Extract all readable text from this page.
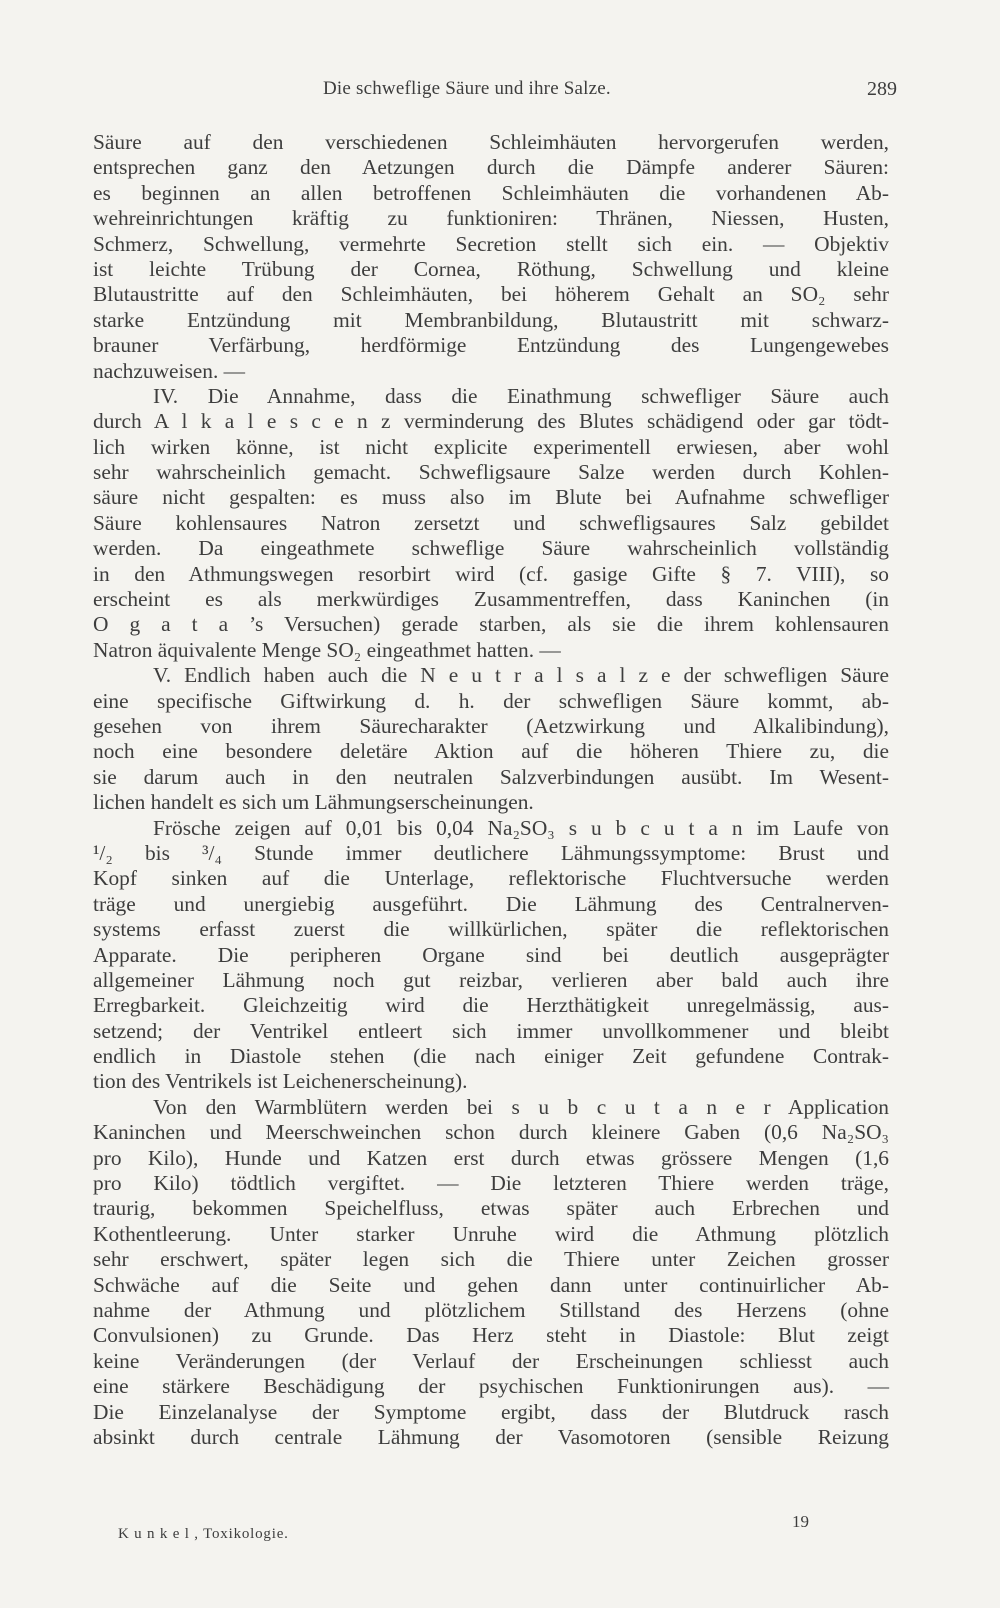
Die schweflige Säure und ihre Salze.	289
Säure auf den verschiedenen Schleimhäuten hervorgerufen werden,
entsprechen ganz den Aetzungen durch die Dämpfe anderer Säuren:
es beginnen an allen betroffenen Schleimhäuten die vorhandenen Ab-
wehreinrichtungen kräftig zu funktioniren: Thränen, Niessen, Husten,
Schmerz, Schwellung, vermehrte Secretion stellt sich ein. — Objektiv
ist leichte Trübung der Cornea, Röthung, Schwellung und kleine
Blutaustritte auf den Schleimhäuten, bei höherem Gehalt an SO₂ sehr
starke Entzündung mit Membranbildung, Blutaustritt mit schwarz-
brauner Verfärbung, herdförmige Entzündung des Lungengewebes
nachzuweisen. —
IV. Die Annahme, dass die Einathmung schwefliger Säure auch
durch A l k a l e s c e n z verminderung des Blutes schädigend oder gar tödt-
lich wirken könne, ist nicht explicite experimentell erwiesen, aber wohl
sehr wahrscheinlich gemacht. Schwefligsaure Salze werden durch Kohlen-
säure nicht gespalten: es muss also im Blute bei Aufnahme schwefliger
Säure kohlensaures Natron zersetzt und schwefligsaures Salz gebildet
werden. Da eingeathmete schweflige Säure wahrscheinlich vollständig
in den Athmungswegen resorbirt wird (cf. gasige Gifte § 7. VIII), so
erscheint es als merkwürdiges Zusammentreffen, dass Kaninchen (in
O g a t a ’s Versuchen) gerade starben, als sie die ihrem kohlensauren
Natron äquivalente Menge SO₂ eingeathmet hatten. —
V. Endlich haben auch die N e u t r a l s a l z e der schwefligen Säure
eine specifische Giftwirkung d. h. der schwefligen Säure kommt, ab-
gesehen von ihrem Säurecharakter (Aetzwirkung und Alkalibindung),
noch eine besondere deletäre Aktion auf die höheren Thiere zu, die
sie darum auch in den neutralen Salzverbindungen ausübt. Im Wesent-
lichen handelt es sich um Lähmungserscheinungen.
Frösche zeigen auf 0,01 bis 0,04 Na₂SO₃ s u b c u t a n im Laufe von
¹/₂ bis ³/₄ Stunde immer deutlichere Lähmungssymptome: Brust und
Kopf sinken auf die Unterlage, reflektorische Fluchtversuche werden
träge und unergiebig ausgeführt. Die Lähmung des Centralnerven-
systems erfasst zuerst die willkürlichen, später die reflektorischen
Apparate. Die peripheren Organe sind bei deutlich ausgeprägter
allgemeiner Lähmung noch gut reizbar, verlieren aber bald auch ihre
Erregbarkeit. Gleichzeitig wird die Herzthätigkeit unregelmässig, aus-
setzend; der Ventrikel entleert sich immer unvollkommener und bleibt
endlich in Diastole stehen (die nach einiger Zeit gefundene Contrak-
tion des Ventrikels ist Leichenerscheinung).
Von den Warmblütern werden bei s u b c u t a n e r Application
Kaninchen und Meerschweinchen schon durch kleinere Gaben (0,6 Na₂SO₃
pro Kilo), Hunde und Katzen erst durch etwas grössere Mengen (1,6
pro Kilo) tödtlich vergiftet. — Die letzteren Thiere werden träge,
traurig, bekommen Speichelfluss, etwas später auch Erbrechen und
Kothentleerung. Unter starker Unruhe wird die Athmung plötzlich
sehr erschwert, später legen sich die Thiere unter Zeichen grosser
Schwäche auf die Seite und gehen dann unter continuirlicher Ab-
nahme der Athmung und plötzlichem Stillstand des Herzens (ohne
Convulsionen) zu Grunde. Das Herz steht in Diastole: Blut zeigt
keine Veränderungen (der Verlauf der Erscheinungen schliesst auch
eine stärkere Beschädigung der psychischen Funktionirungen aus). —
Die Einzelanalyse der Symptome ergibt, dass der Blutdruck rasch
absinkt durch centrale Lähmung der Vasomotoren (sensible Reizung
K u n k e l , Toxikologie.
19
